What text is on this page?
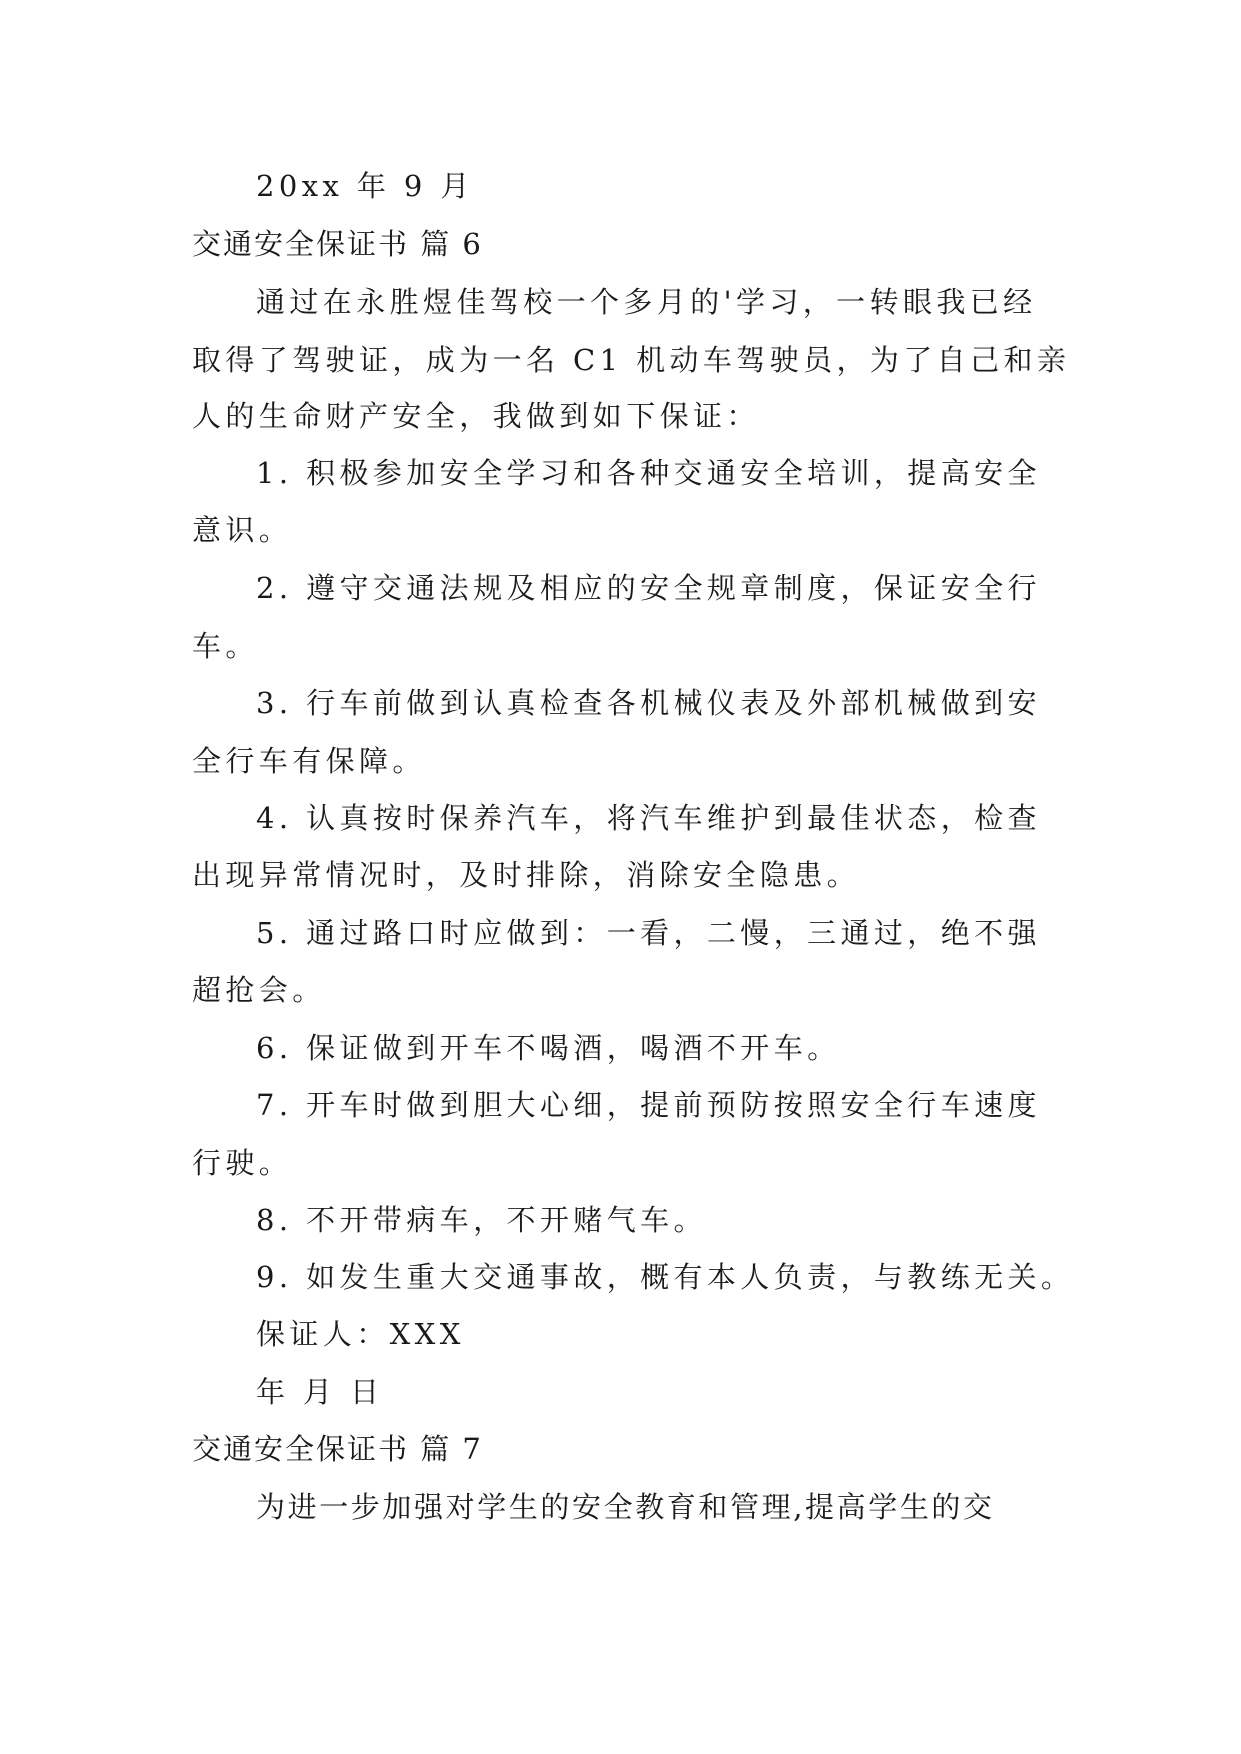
20xx 年 9 月
交通安全保证书 篇 6
通过在永胜煜佳驾校一个多月的'学习，一转眼我已经
取得了驾驶证，成为一名 C1 机动车驾驶员，为了自己和亲
人的生命财产安全，我做到如下保证：
1. 积极参加安全学习和各种交通安全培训，提高安全
意识。
2. 遵守交通法规及相应的安全规章制度，保证安全行
车。
3. 行车前做到认真检查各机械仪表及外部机械做到安
全行车有保障。
4. 认真按时保养汽车，将汽车维护到最佳状态，检查
出现异常情况时，及时排除，消除安全隐患。
5. 通过路口时应做到：一看，二慢，三通过，绝不强
超抢会。
6. 保证做到开车不喝酒，喝酒不开车。
7. 开车时做到胆大心细，提前预防按照安全行车速度
行驶。
8. 不开带病车，不开赌气车。
9. 如发生重大交通事故，概有本人负责，与教练无关。
保证人：XXX
年 月 日
交通安全保证书 篇 7
为进一步加强对学生的安全教育和管理,提高学生的交
